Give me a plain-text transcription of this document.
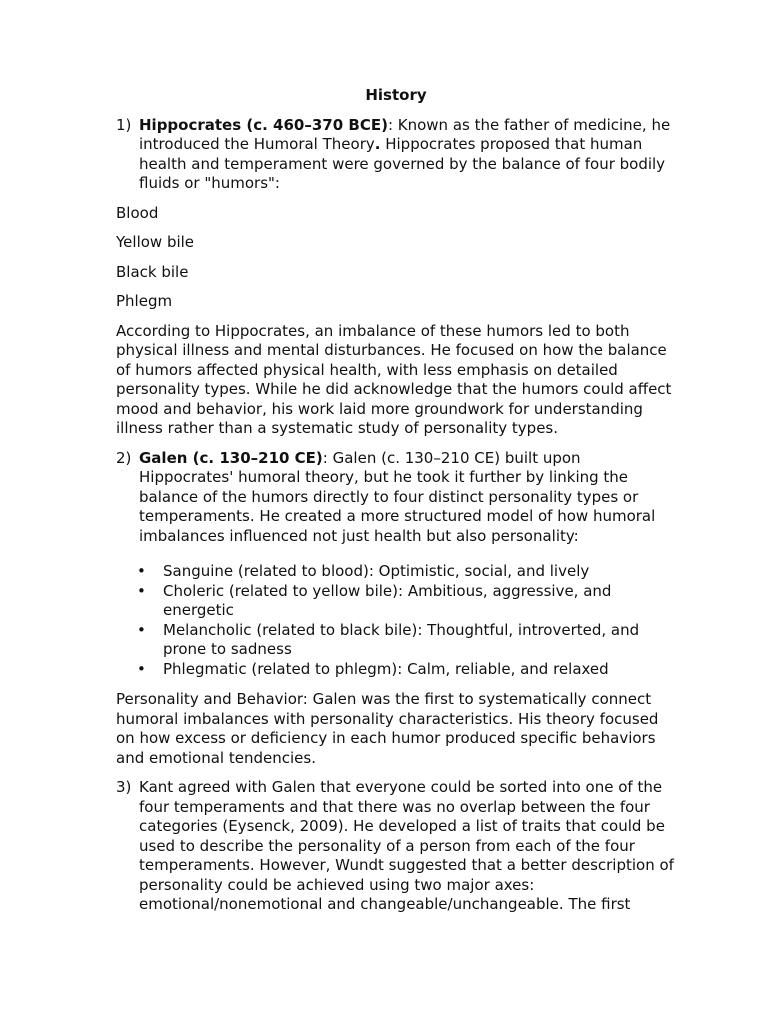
History

1) Hippocrates (c. 460–370 BCE): Known as the father of medicine, he introduced the Humoral Theory. Hippocrates proposed that human health and temperament were governed by the balance of four bodily fluids or "humors":

Blood

Yellow bile

Black bile

Phlegm

According to Hippocrates, an imbalance of these humors led to both physical illness and mental disturbances. He focused on how the balance of humors affected physical health, with less emphasis on detailed personality types. While he did acknowledge that the humors could affect mood and behavior, his work laid more groundwork for understanding illness rather than a systematic study of personality types.

2) Galen (c. 130–210 CE): Galen (c. 130–210 CE) built upon Hippocrates' humoral theory, but he took it further by linking the balance of the humors directly to four distinct personality types or temperaments. He created a more structured model of how humoral imbalances influenced not just health but also personality:
•	Sanguine (related to blood): Optimistic, social, and lively
•	Choleric (related to yellow bile): Ambitious, aggressive, and energetic
•	Melancholic (related to black bile): Thoughtful, introverted, and prone to sadness
•	Phlegmatic (related to phlegm): Calm, reliable, and relaxed

Personality and Behavior: Galen was the first to systematically connect humoral imbalances with personality characteristics. His theory focused on how excess or deficiency in each humor produced specific behaviors and emotional tendencies.

3) Kant agreed with Galen that everyone could be sorted into one of the four temperaments and that there was no overlap between the four categories (Eysenck, 2009). He developed a list of traits that could be used to describe the personality of a person from each of the four temperaments. However, Wundt suggested that a better description of personality could be achieved using two major axes: emotional/nonemotional and changeable/unchangeable. The first
